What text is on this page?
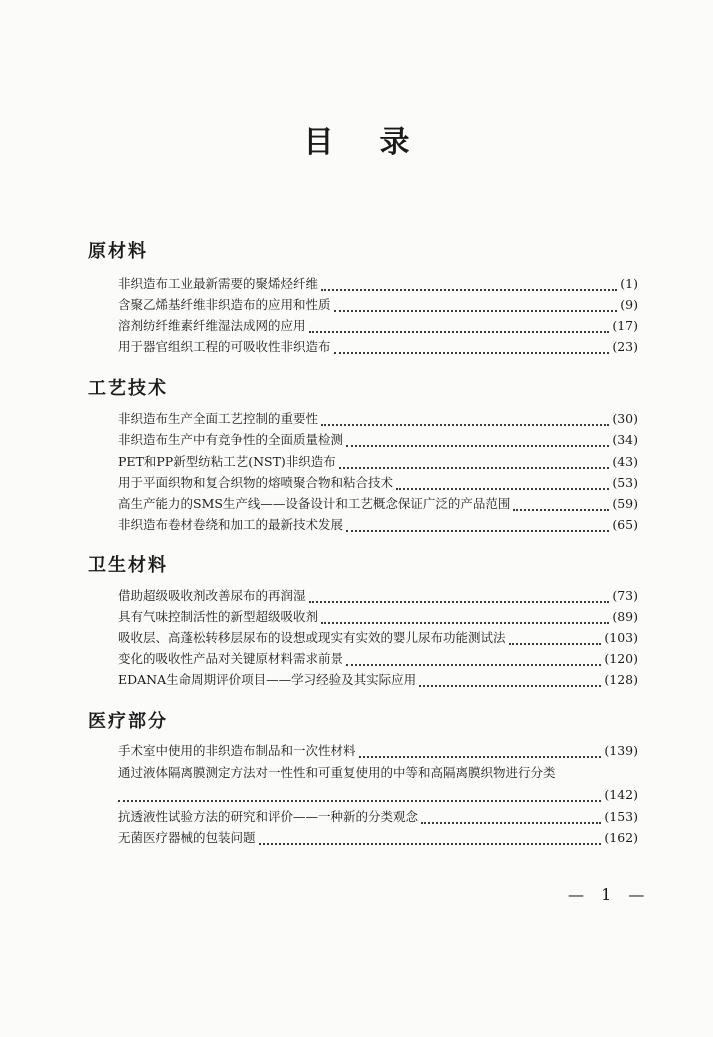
目录
原材料
非织造布工业最新需要的聚烯烃纤维	(1)
含聚乙烯基纤维非织造布的应用和性质	(9)
溶剂纺纤维素纤维湿法成网的应用	(17)
用于器官组织工程的可吸收性非织造布	(23)
工艺技术
非织造布生产全面工艺控制的重要性	(30)
非织造布生产中有竞争性的全面质量检测	(34)
PET和PP新型纺粘工艺(NST)非织造布	(43)
用于平面织物和复合织物的熔喷聚合物和粘合技术	(53)
高生产能力的SMS生产线——设备设计和工艺概念保证广泛的产品范围	(59)
非织造布卷材卷绕和加工的最新技术发展	(65)
卫生材料
借助超级吸收剂改善尿布的再润湿	(73)
具有气味控制活性的新型超级吸收剂	(89)
吸收层、高蓬松转移层尿布的设想或现实有实效的婴儿尿布功能测试法	(103)
变化的吸收性产品对关键原材料需求前景	(120)
EDANA生命周期评价项目——学习经验及其实际应用	(128)
医疗部分
手术室中使用的非织造布制品和一次性材料	(139)
通过液体隔离膜测定方法对一性性和可重复使用的中等和高隔离膜织物进行分类
(142)
抗透液性试验方法的研究和评价——一种新的分类观念	(153)
无菌医疗器械的包装问题	(162)
— 1 —
